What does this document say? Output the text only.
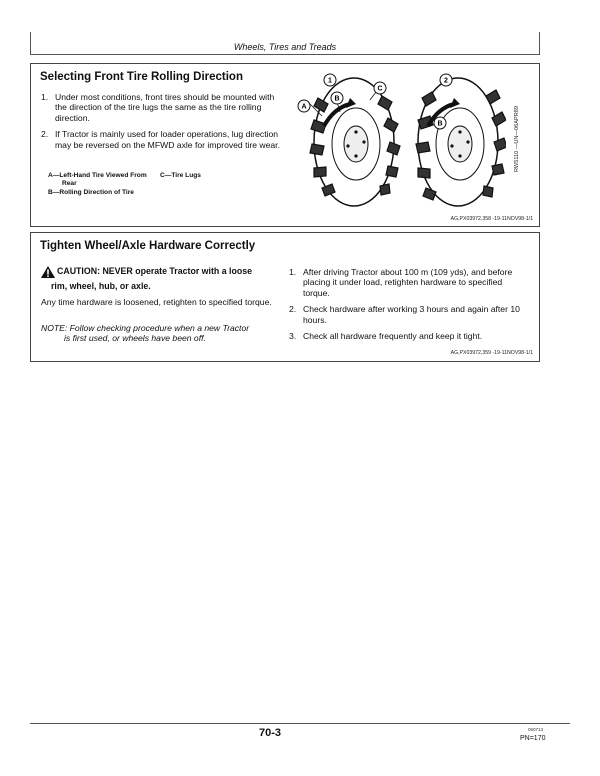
Wheels, Tires and Treads
Selecting Front Tire Rolling Direction
1. Under most conditions, front tires should be mounted with the direction of the tire lugs the same as the tire rolling direction.
2. If Tractor is mainly used for loader operations, lug direction may be reversed on the MFWD axle for improved tire wear.
A—Left-Hand Tire Viewed From	C—Tire Lugs
Rear
B—Rolling Direction of Tire
1	2
A
B
C
B	RW5110 —UN—06APR89
AG,PX03972,358 -19-11NOV98-1/1
Tighten Wheel/Axle Hardware Correctly
CAUTION: NEVER operate Tractor with a loose
rim, wheel, hub, or axle.
Any time hardware is loosened, retighten to specified torque.
NOTE: Follow checking procedure when a new Tractor
is first used, or wheels have been off.
1. After driving Tractor about 100 m (109 yds), and before placing it under load, retighten hardware to specified torque.
2. Check hardware after working 3 hours and again after 10 hours.
3. Check all hardware frequently and keep it tight.
AG,PX03972,359 -19-11NOV98-1/1
70-3	060713
PN=170
